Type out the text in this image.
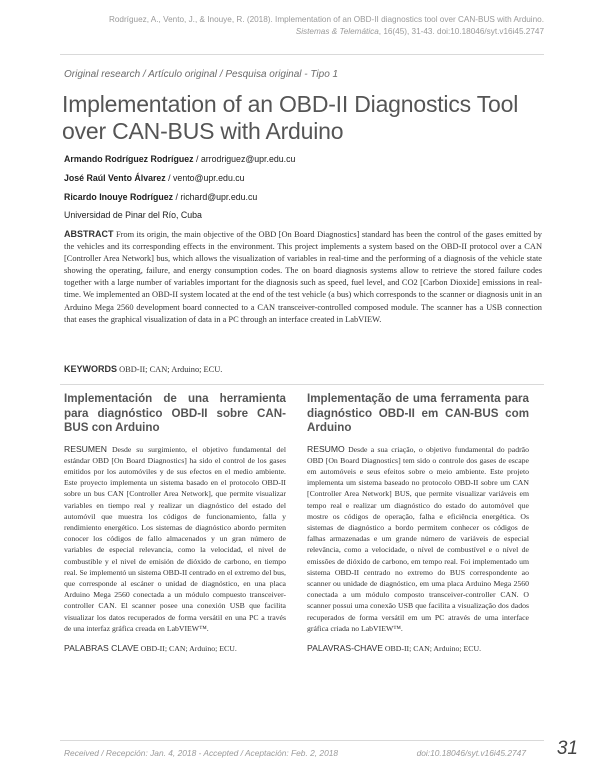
Rodríguez, A., Vento, J., & Inouye, R. (2018). Implementation of an OBD-II diagnostics tool over CAN-BUS with Arduino.
Sistemas & Telemática, 16(45), 31-43. doi:10.18046/syt.v16i45.2747
Original research / Artículo original / Pesquisa original - Tipo 1
Implementation of an OBD-II Diagnostics Tool over CAN-BUS with Arduino
Armando Rodríguez Rodríguez / arrodriguez@upr.edu.cu
José Raúl Vento Álvarez / vento@upr.edu.cu
Ricardo Inouye Rodríguez / richard@upr.edu.cu
Universidad de Pinar del Río, Cuba
ABSTRACT From its origin, the main objective of the OBD [On Board Diagnostics] standard has been the control of the gases emitted by the vehicles and its corresponding effects in the environment. This project implements a system based on the OBD-II protocol over a CAN [Controller Area Network] bus, which allows the visualization of variables in real-time and the performing of a diagnosis of the vehicle state showing the operating, failure, and energy consumption codes. The on board diagnosis systems allow to retrieve the stored failure codes together with a large number of variables important for the diagnosis such as speed, fuel level, and CO2 [Carbon Dioxide] emissions in real-time. We implemented an OBD-II system located at the end of the test vehicle (a bus) which corresponds to the scanner or diagnosis unit in an Arduino Mega 2560 development board connected to a CAN transceiver-controlled composed module. The scanner has a USB connection that eases the graphical visualization of data in a PC through an interface created in LabVIEW.
KEYWORDS OBD-II; CAN; Arduino; ECU.
Implementación de una herramienta para diagnóstico OBD-II sobre CAN-BUS con Arduino
RESUMEN Desde su surgimiento, el objetivo fundamental del estándar OBD [On Board Diagnostics] ha sido el control de los gases emitidos por los automóviles y de sus efectos en el medio ambiente. Este proyecto implementa un sistema basado en el protocolo OBD-II sobre un bus CAN [Controller Area Network], que permite visualizar variables en tiempo real y realizar un diagnóstico del estado del automóvil que muestra los códigos de funcionamiento, falla y rendimiento energético. Los sistemas de diagnóstico abordo permiten conocer los códigos de fallo almacenados y un gran número de variables de especial relevancia, como la velocidad, el nivel de combustible y el nivel de emisión de dióxido de carbono, en tiempo real. Se implementó un sistema OBD-II centrado en el extremo del bus, que corresponde al escáner o unidad de diagnóstico, en una placa Arduino Mega 2560 conectada a un módulo compuesto transceiver-controller CAN. El scanner posee una conexión USB que facilita visualizar los datos recuperados de forma versátil en una PC a través de una interfaz gráfica creada en LabVIEW™.
PALABRAS CLAVE OBD-II; CAN; Arduino; ECU.
Implementação de uma ferramenta para diagnóstico OBD-II em CAN-BUS com Arduino
RESUMO Desde a sua criação, o objetivo fundamental do padrão OBD [On Board Diagnostics] tem sido o controle dos gases de escape em automóveis e seus efeitos sobre o meio ambiente. Este projeto implementa um sistema baseado no protocolo OBD-II sobre um CAN [Controller Area Network] BUS, que permite visualizar variáveis em tempo real e realizar um diagnóstico do estado do automóvel que mostre os códigos de operação, falha e eficiência energética. Os sistemas de diagnóstico a bordo permitem conhecer os códigos de falhas armazenadas e um grande número de variáveis de especial relevância, como a velocidade, o nível de combustível e o nível de emissões de dióxido de carbono, em tempo real. Foi implementado um sistema OBD-II centrado no extremo do BUS correspondente ao scanner ou unidade de diagnóstico, em uma placa Arduino Mega 2560 conectada a um módulo composto transceiver-controller CAN. O scanner possui uma conexão USB que facilita a visualização dos dados recuperados de forma versátil em um PC através de uma interface gráfica criada no LabVIEW™.
PALAVRAS-CHAVE OBD-II; CAN; Arduino; ECU.
Received / Recepción: Jan. 4, 2018 - Accepted / Aceptación: Feb. 2, 2018	doi:10.18046/syt.v16i45.2747 31
